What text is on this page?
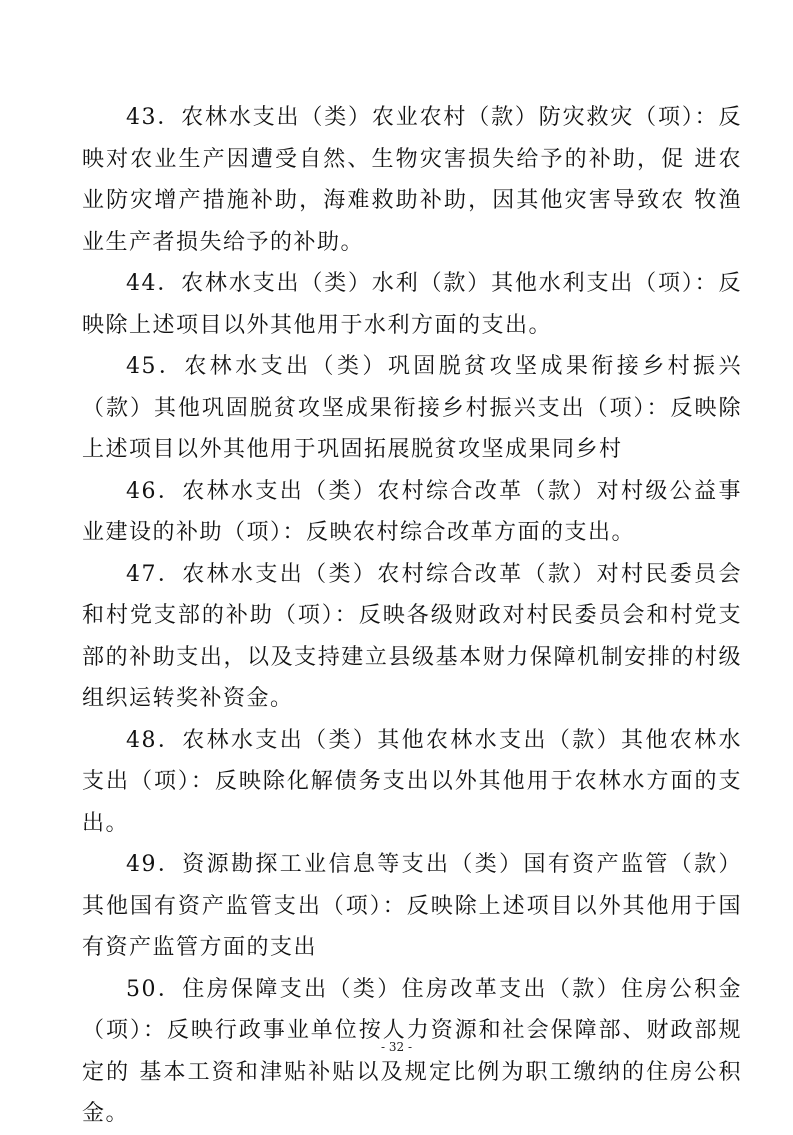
43．农林水支出（类）农业农村（款）防灾救灾（项）：反映对农业生产因遭受自然、生物灾害损失给予的补助，促 进农业防灾增产措施补助，海难救助补助，因其他灾害导致农 牧渔业生产者损失给予的补助。

44．农林水支出（类）水利（款）其他水利支出（项）：反映除上述项目以外其他用于水利方面的支出。

45．农林水支出（类）巩固脱贫攻坚成果衔接乡村振兴（款）其他巩固脱贫攻坚成果衔接乡村振兴支出（项）：反映除上述项目以外其他用于巩固拓展脱贫攻坚成果同乡村

46．农林水支出（类）农村综合改革（款）对村级公益事业建设的补助（项）：反映农村综合改革方面的支出。

47．农林水支出（类）农村综合改革（款）对村民委员会和村党支部的补助（项）：反映各级财政对村民委员会和村党支部的补助支出，以及支持建立县级基本财力保障机制安排的村级组织运转奖补资金。

48．农林水支出（类）其他农林水支出（款）其他农林水支出（项）：反映除化解债务支出以外其他用于农林水方面的支出。

49．资源勘探工业信息等支出（类）国有资产监管（款）其他国有资产监管支出（项）：反映除上述项目以外其他用于国有资产监管方面的支出

50．住房保障支出（类）住房改革支出（款）住房公积金（项）：反映行政事业单位按人力资源和社会保障部、财政部规定的 基本工资和津贴补贴以及规定比例为职工缴纳的住房公积金。

- 32 -
